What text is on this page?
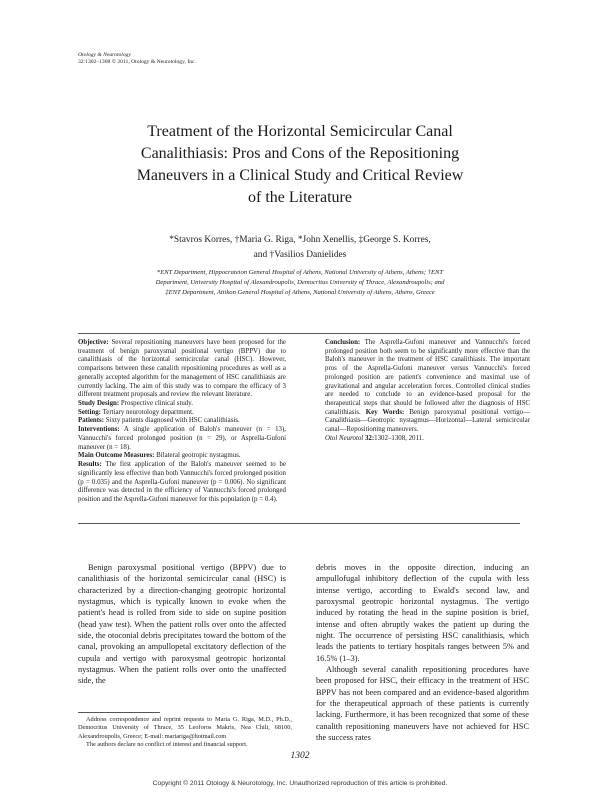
Otology & Neurotology
32:1302–1308 © 2011, Otology & Neurotology, Inc.
Treatment of the Horizontal Semicircular Canal
Canalithiasis: Pros and Cons of the Repositioning
Maneuvers in a Clinical Study and Critical Review
of the Literature
*Stavros Korres, †Maria G. Riga, *John Xenellis, ‡George S. Korres,
and †Vasilios Danielides
*ENT Department, Hippocrateion General Hospital of Athens, National University of Athens, Athens; †ENT
Department, University Hospital of Alexandroupolis, Democritus University of Thrace, Alexandroupolis; and
‡ENT Department, Attikon General Hospital of Athens, National University of Athens, Athens, Greece

Objective: Several repositioning maneuvers have been proposed for the treatment of benign paroxysmal positional vertigo (BPPV) due to canalithiasis of the horizontal semicircular canal (HSC). However, comparisons between these canalith repositioning procedures as well as a generally accepted algorithm for the management of HSC canalithiasis are currently lacking. The aim of this study was to compare the efficacy of 3 different treatment proposals and review the relevant literature.

Study Design: Prospective clinical study.

Setting: Tertiary neurotology department.

Patients: Sixty patients diagnosed with HSC canalithiasis.

Interventions: A single application of Baloh's maneuver (n = 13), Vannucchi's forced prolonged position (n = 29), or Asprella-Gufoni maneuver (n = 18).

Main Outcome Measures: Bilateral geotropic nystagmus.

Results: The first application of the Baloh's maneuver seemed to be significantly less effective than both Vannucchi's forced prolonged position (p = 0.035) and the Asprella-Gufoni maneuver (p = 0.006). No significant difference was detected in the efficiency of Vannucchi's forced prolonged position and the Asprella-Gufoni maneuver for this population (p = 0.4).

Conclusion: The Asprella-Gufoni maneuver and Vannucchi's forced prolonged position both seem to be significantly more effective than the Baloh's maneuver in the treatment of HSC canalithiasis. The important pros of the Asprella-Gufoni maneuver versus Vannucchi's forced prolonged position are patient's convenience and maximal use of gravitational and angular acceleration forces. Controlled clinical studies are needed to conclude to an evidence-based proposal for the therapeutical steps that should be followed after the diagnosis of HSC canalithiasis. Key Words: Benign paroxysmal positional vertigo—Canalithiasis—Geotropic nystagmus—Horizontal—Lateral semicircular canal—Repositioning maneuvers.

Otol Neurotol 32:1302–1308, 2011.

Benign paroxysmal positional vertigo (BPPV) due to canalithiasis of the horizontal semicircular canal (HSC) is characterized by a direction-changing geotropic horizontal nystagmus, which is typically known to evoke when the patient's head is rolled from side to side on supine position (head yaw test). When the patient rolls over onto the affected side, the otoconial debris precipitates toward the bottom of the canal, provoking an ampullopetal excitatory deflection of the cupula and vertigo with paroxysmal geotropic horizontal nystagmus. When the patient rolls over onto the unaffected side, the

debris moves in the opposite direction, inducing an ampullofugal inhibitory deflection of the cupula with less intense vertigo, according to Ewald's second law, and paroxysmal geotropic horizontal nystagmus. The vertigo induced by rotating the head in the supine position is brief, intense and often abruptly wakes the patient up during the night. The occurrence of persisting HSC canalithiasis, which leads the patients to tertiary hospitals ranges between 5% and 16.5% (1–3).

Although several canalith repositioning procedures have been proposed for HSC, their efficacy in the treatment of HSC BPPV has not been compared and an evidence-based algorithm for the therapeutical approach of these patients is currently lacking. Furthermore, it has been recognized that some of these canalith repositioning maneuvers have not achieved for HSC the success rates

Address correspondence and reprint requests to Maria G. Riga, M.D., Ph.D., Democritus University of Thrace, 35 Leoforos Makris, Nea Chili, 68100, Alexandroupolis, Greece; E-mail: mariariga@hotmail.com

The authors declare no conflict of interest and financial support.

1302
Copyright © 2011 Otology & Neurotology, Inc. Unauthorized reproduction of this article is prohibited.
